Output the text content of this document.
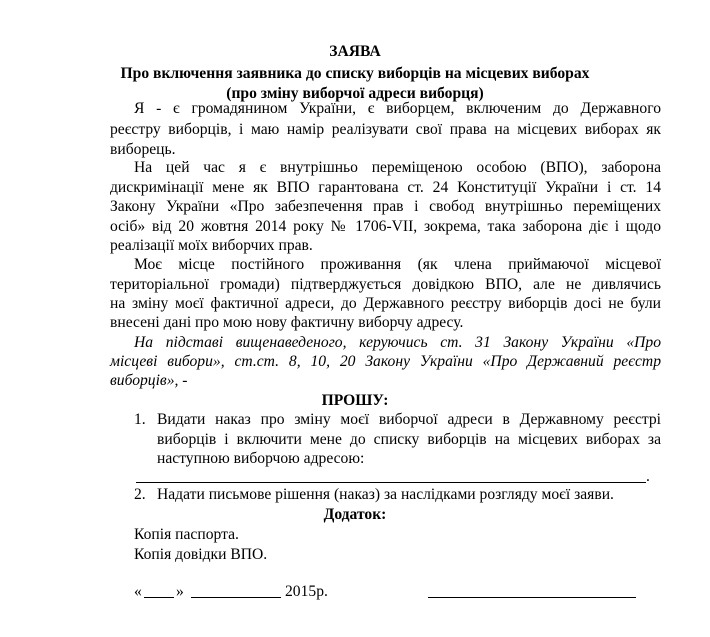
ЗАЯВА
Про включення заявника до списку виборців на місцевих виборах
(про зміну виборчої адреси виборця)
Я - є громадянином України, є виборцем, включеним до Державного
реєстру виборців, і маю намір реалізувати свої права на місцевих виборах як
виборець.
На цей час я є внутрішньо переміщеною особою (ВПО), заборона
дискримінації мене як ВПО гарантована ст. 24 Конституції України і ст. 14
Закону України «Про забезпечення прав і свобод внутрішньо переміщених
осіб» від 20 жовтня 2014 року № 1706-VII, зокрема, така заборона діє і щодо
реалізації моїх виборчих прав.
Моє місце постійного проживання (як члена приймаючої місцевої
територіальної громади) підтверджується довідкою ВПО, але не дивлячись
на зміну моєї фактичної адреси, до Державного реєстру виборців досі не були
внесені дані про мою нову фактичну виборчу адресу.
На підставі вищенаведеного, керуючись ст. 31 Закону України «Про
місцеві вибори», ст.ст. 8, 10, 20 Закону України «Про Державний реєстр
виборців», -
ПРОШУ:
1. Видати наказ про зміну моєї виборчої адреси в Державному реєстрі
виборців і включити мене до списку виборців на місцевих виборах за
наступною виборчою адресою:
.
2. Надати письмове рішення (наказ) за наслідками розгляду моєї заяви.
Додаток:
Копія паспорта.
Копія довідки ВПО.
« »	2015р.
